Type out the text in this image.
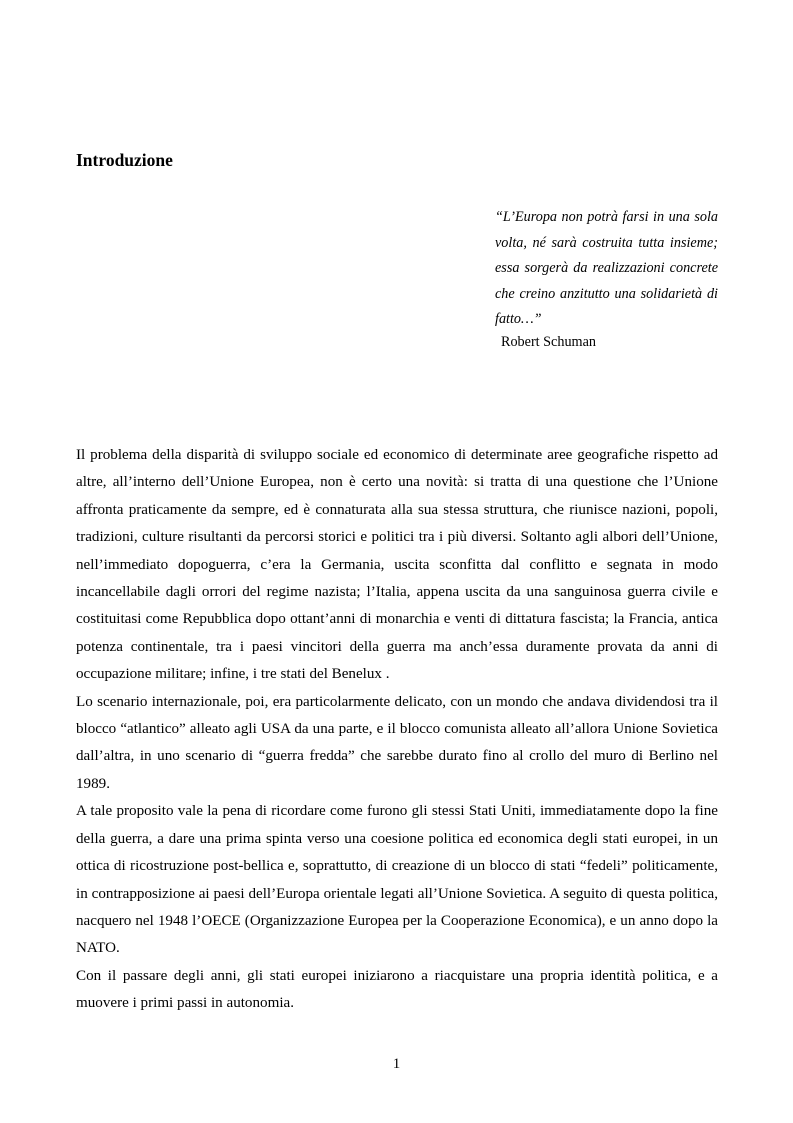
Introduzione

“L’Europa non potrà farsi in una sola volta, né sarà costruita tutta insieme; essa sorgerà da realizzazioni concrete che creino anzitutto una solidarietà di fatto…”

Robert Schuman

Il problema della disparità di sviluppo sociale ed economico di determinate aree geografiche rispetto ad altre, all’interno dell’Unione Europea, non è certo una novità: si tratta di una questione che l’Unione affronta praticamente da sempre, ed è connaturata alla sua stessa struttura, che riunisce nazioni, popoli, tradizioni, culture risultanti da percorsi storici e politici tra i più diversi. Soltanto agli albori dell’Unione, nell’immediato dopoguerra, c’era la Germania, uscita sconfitta dal conflitto e segnata in modo incancellabile dagli orrori del regime nazista; l’Italia, appena uscita da una sanguinosa guerra civile e costituitasi come Repubblica dopo ottant’anni di monarchia e venti di dittatura fascista; la Francia, antica potenza continentale, tra i paesi vincitori della guerra ma anch’essa duramente provata da anni di occupazione militare; infine, i tre stati del Benelux .

Lo scenario internazionale, poi, era particolarmente delicato, con un mondo che andava dividendosi tra il blocco “atlantico” alleato agli USA da una parte, e il blocco comunista alleato all’allora Unione Sovietica dall’altra, in uno scenario di “guerra fredda” che sarebbe durato fino al crollo del muro di Berlino nel 1989.

A tale proposito vale la pena di ricordare come furono gli stessi Stati Uniti, immediatamente dopo la fine della guerra, a dare una prima spinta verso una coesione politica ed economica degli stati europei, in un ottica di ricostruzione post-bellica e, soprattutto, di creazione di un blocco di stati “fedeli” politicamente, in contrapposizione ai paesi dell’Europa orientale legati all’Unione Sovietica. A seguito di questa politica, nacquero nel 1948 l’OECE (Organizzazione Europea per la Cooperazione Economica), e un anno dopo la NATO.

Con il passare degli anni, gli stati europei iniziarono a riacquistare una propria identità politica, e a muovere i primi passi in autonomia.

1
